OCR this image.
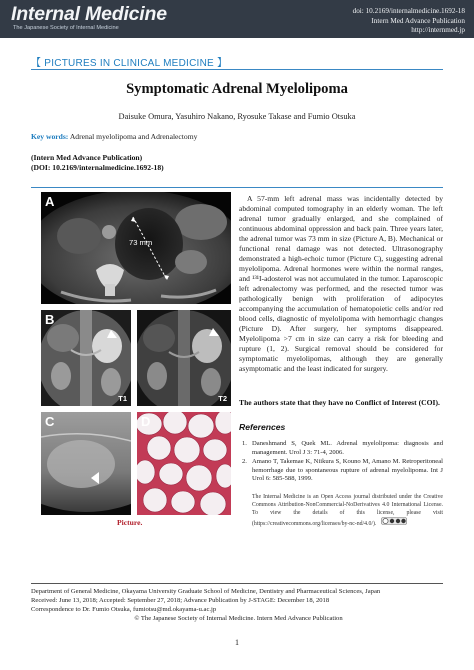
Internal Medicine
The Japanese Society of Internal Medicine
doi: 10.2169/internalmedicine.1692-18
Intern Med Advance Publication
http://internmed.jp
【 PICTURES IN CLINICAL MEDICINE 】
Symptomatic Adrenal Myelolipoma
Daisuke Omura, Yasuhiro Nakano, Ryosuke Takase and Fumio Otsuka
Key words: Adrenal myelolipoma and Adrenalectomy
(Intern Med Advance Publication)
(DOI: 10.2169/internalmedicine.1692-18)
A
73 mm
B
T1	T2
C	D
Picture.

A 57-mm left adrenal mass was incidentally detected by abdominal computed tomography in an elderly woman. The left adrenal tumor gradually enlarged, and she complained of continuous abdominal oppression and back pain. Three years later, the adrenal tumor was 73 mm in size (Picture A, B). Mechanical or functional renal damage was not detected. Ultrasonography demonstrated a high-echoic tumor (Picture C), suggesting adrenal myelolipoma. Adrenal hormones were within the normal ranges, and ¹³¹I-adosterol was not accumulated in the tumor. Laparoscopic left adrenalectomy was performed, and the resected tumor was pathologically benign with proliferation of adipocytes accompanying the accumulation of hematopoietic cells and/or red blood cells, diagnostic of myelolipoma with hemorrhagic changes (Picture D). After surgery, her symptoms disappeared. Myelolipoma >7 cm in size can carry a risk for bleeding and rupture (1, 2). Surgical removal should be considered for symptomatic myelolipomas, although they are generally asymptomatic and the least indicated for surgery.

The authors state that they have no Conflict of Interest (COI).
References
1. Daneshmand S, Quek ML. Adrenal myelolipoma: diagnosis and management. Urol J 3: 71-4, 2006.
2. Amano T, Takemae K, Niikura S, Kouno M, Amano M. Retroperitoneal hemorrhage due to spontaneous rupture of adrenal myelolipoma. Int J Urol 6: 585-588, 1999.
The Internal Medicine is an Open Access journal distributed under the Creative Commons Attribution-NonCommercial-NoDerivatives 4.0 International License. To view the details of this license, please visit (https://creativecommons.org/licenses/by-nc-nd/4.0/).
Department of General Medicine, Okayama University Graduate School of Medicine, Dentistry and Pharmaceutical Sciences, Japan
Received: June 13, 2018; Accepted: September 27, 2018; Advance Publication by J-STAGE: December 18, 2018
Correspondence to Dr. Fumio Otsuka, fumiotsu@md.okayama-u.ac.jp
© The Japanese Society of Internal Medicine. Intern Med Advance Publication
1
